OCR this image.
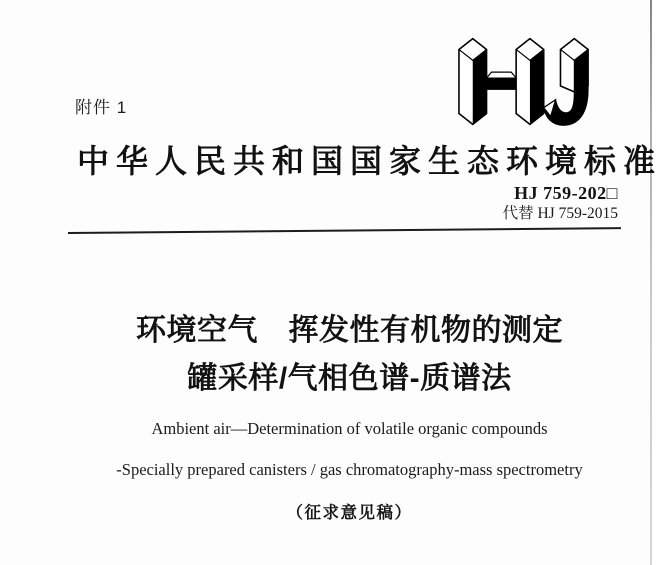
附件 1
中华人民共和国国家生态环境标准
HJ 759-202□
代替 HJ 759-2015
环境空气　挥发性有机物的测定
罐采样/气相色谱-质谱法
Ambient air—Determination of volatile organic compounds
-Specially prepared canisters / gas chromatography-mass spectrometry
（征求意见稿）
